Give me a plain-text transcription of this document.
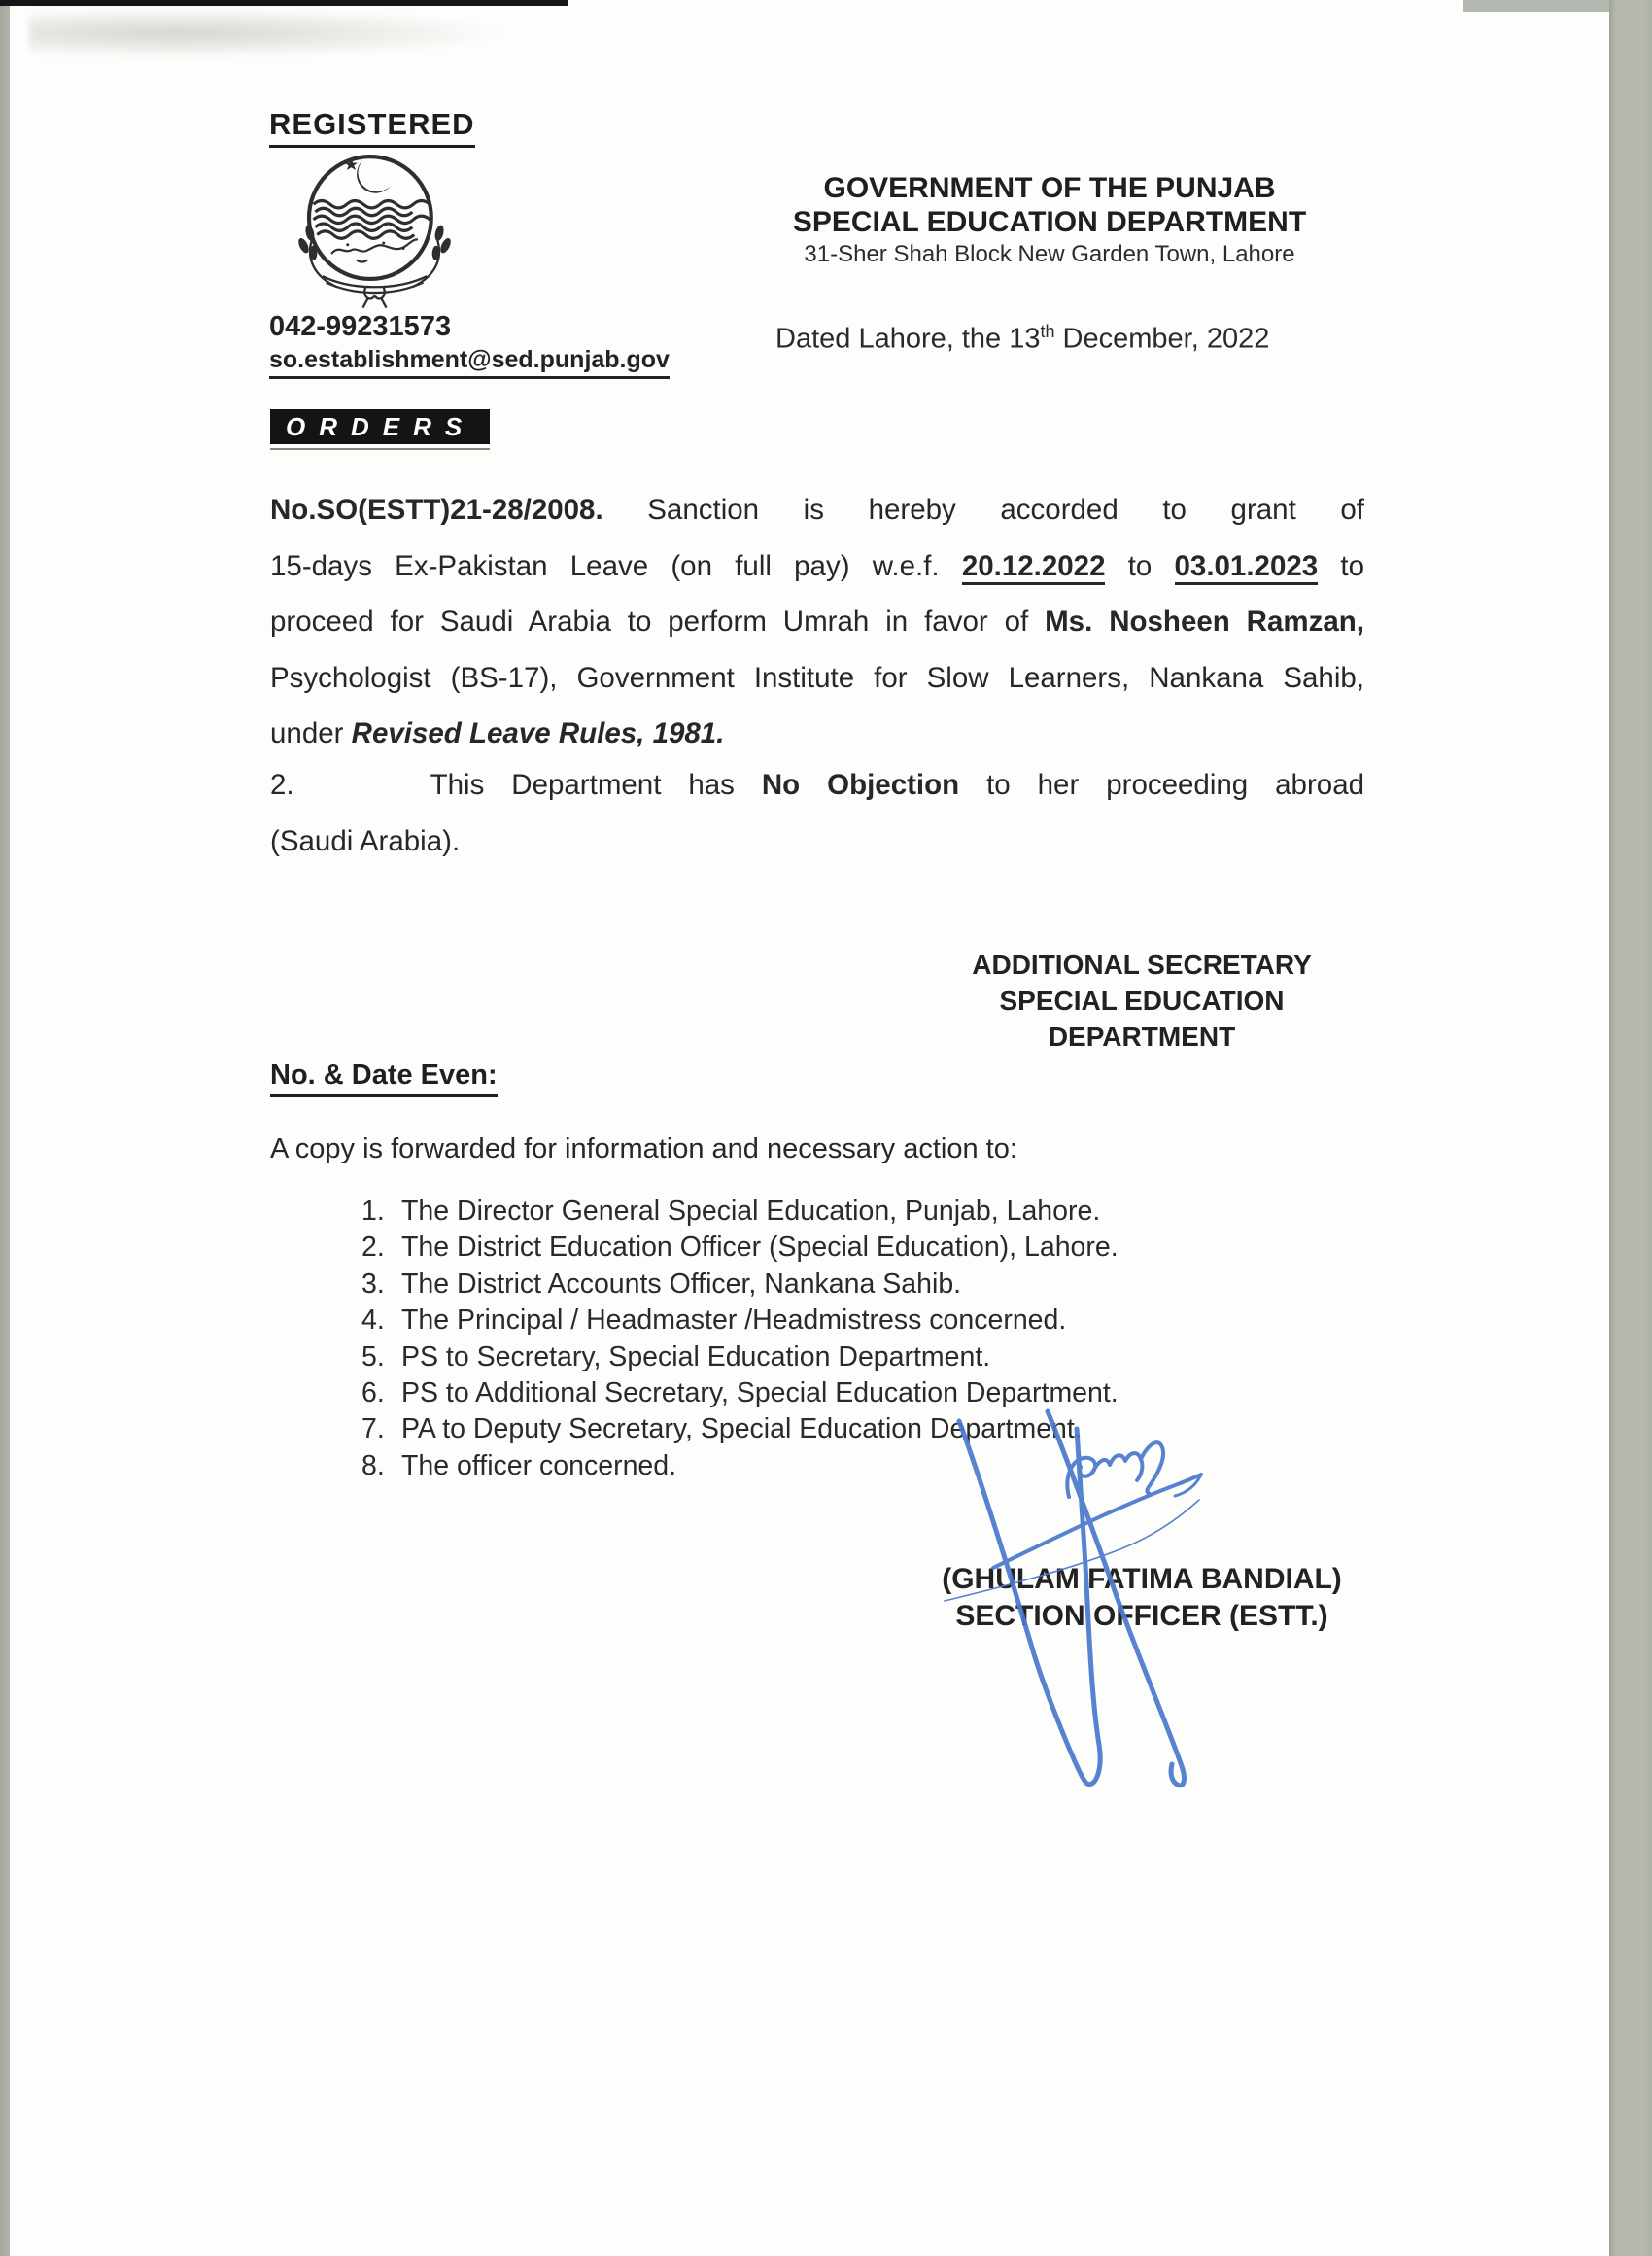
REGISTERED
042-99231573
so.establishment@sed.punjab.gov
GOVERNMENT OF THE PUNJAB
SPECIAL EDUCATION DEPARTMENT
31-Sher Shah Block New Garden Town, Lahore
Dated Lahore, the 13th December, 2022
ORDERS
No.SO(ESTT)21-28/2008. Sanction is hereby accorded to grant of
15-days Ex-Pakistan Leave (on full pay) w.e.f. 20.12.2022 to 03.01.2023 to
proceed for Saudi Arabia to perform Umrah in favor of Ms. Nosheen Ramzan,
Psychologist (BS-17), Government Institute for Slow Learners, Nankana Sahib,
under Revised Leave Rules, 1981.
2.	This Department has No Objection to her proceeding abroad
(Saudi Arabia).
ADDITIONAL SECRETARY
SPECIAL EDUCATION
DEPARTMENT
No. & Date Even:
A copy is forwarded for information and necessary action to:
1. The Director General Special Education, Punjab, Lahore.
2. The District Education Officer (Special Education), Lahore.
3. The District Accounts Officer, Nankana Sahib.
4. The Principal / Headmaster /Headmistress concerned.
5. PS to Secretary, Special Education Department.
6. PS to Additional Secretary, Special Education Department.
7. PA to Deputy Secretary, Special Education Department.
8. The officer concerned.
(GHULAM FATIMA BANDIAL)
SECTION OFFICER (ESTT.)
